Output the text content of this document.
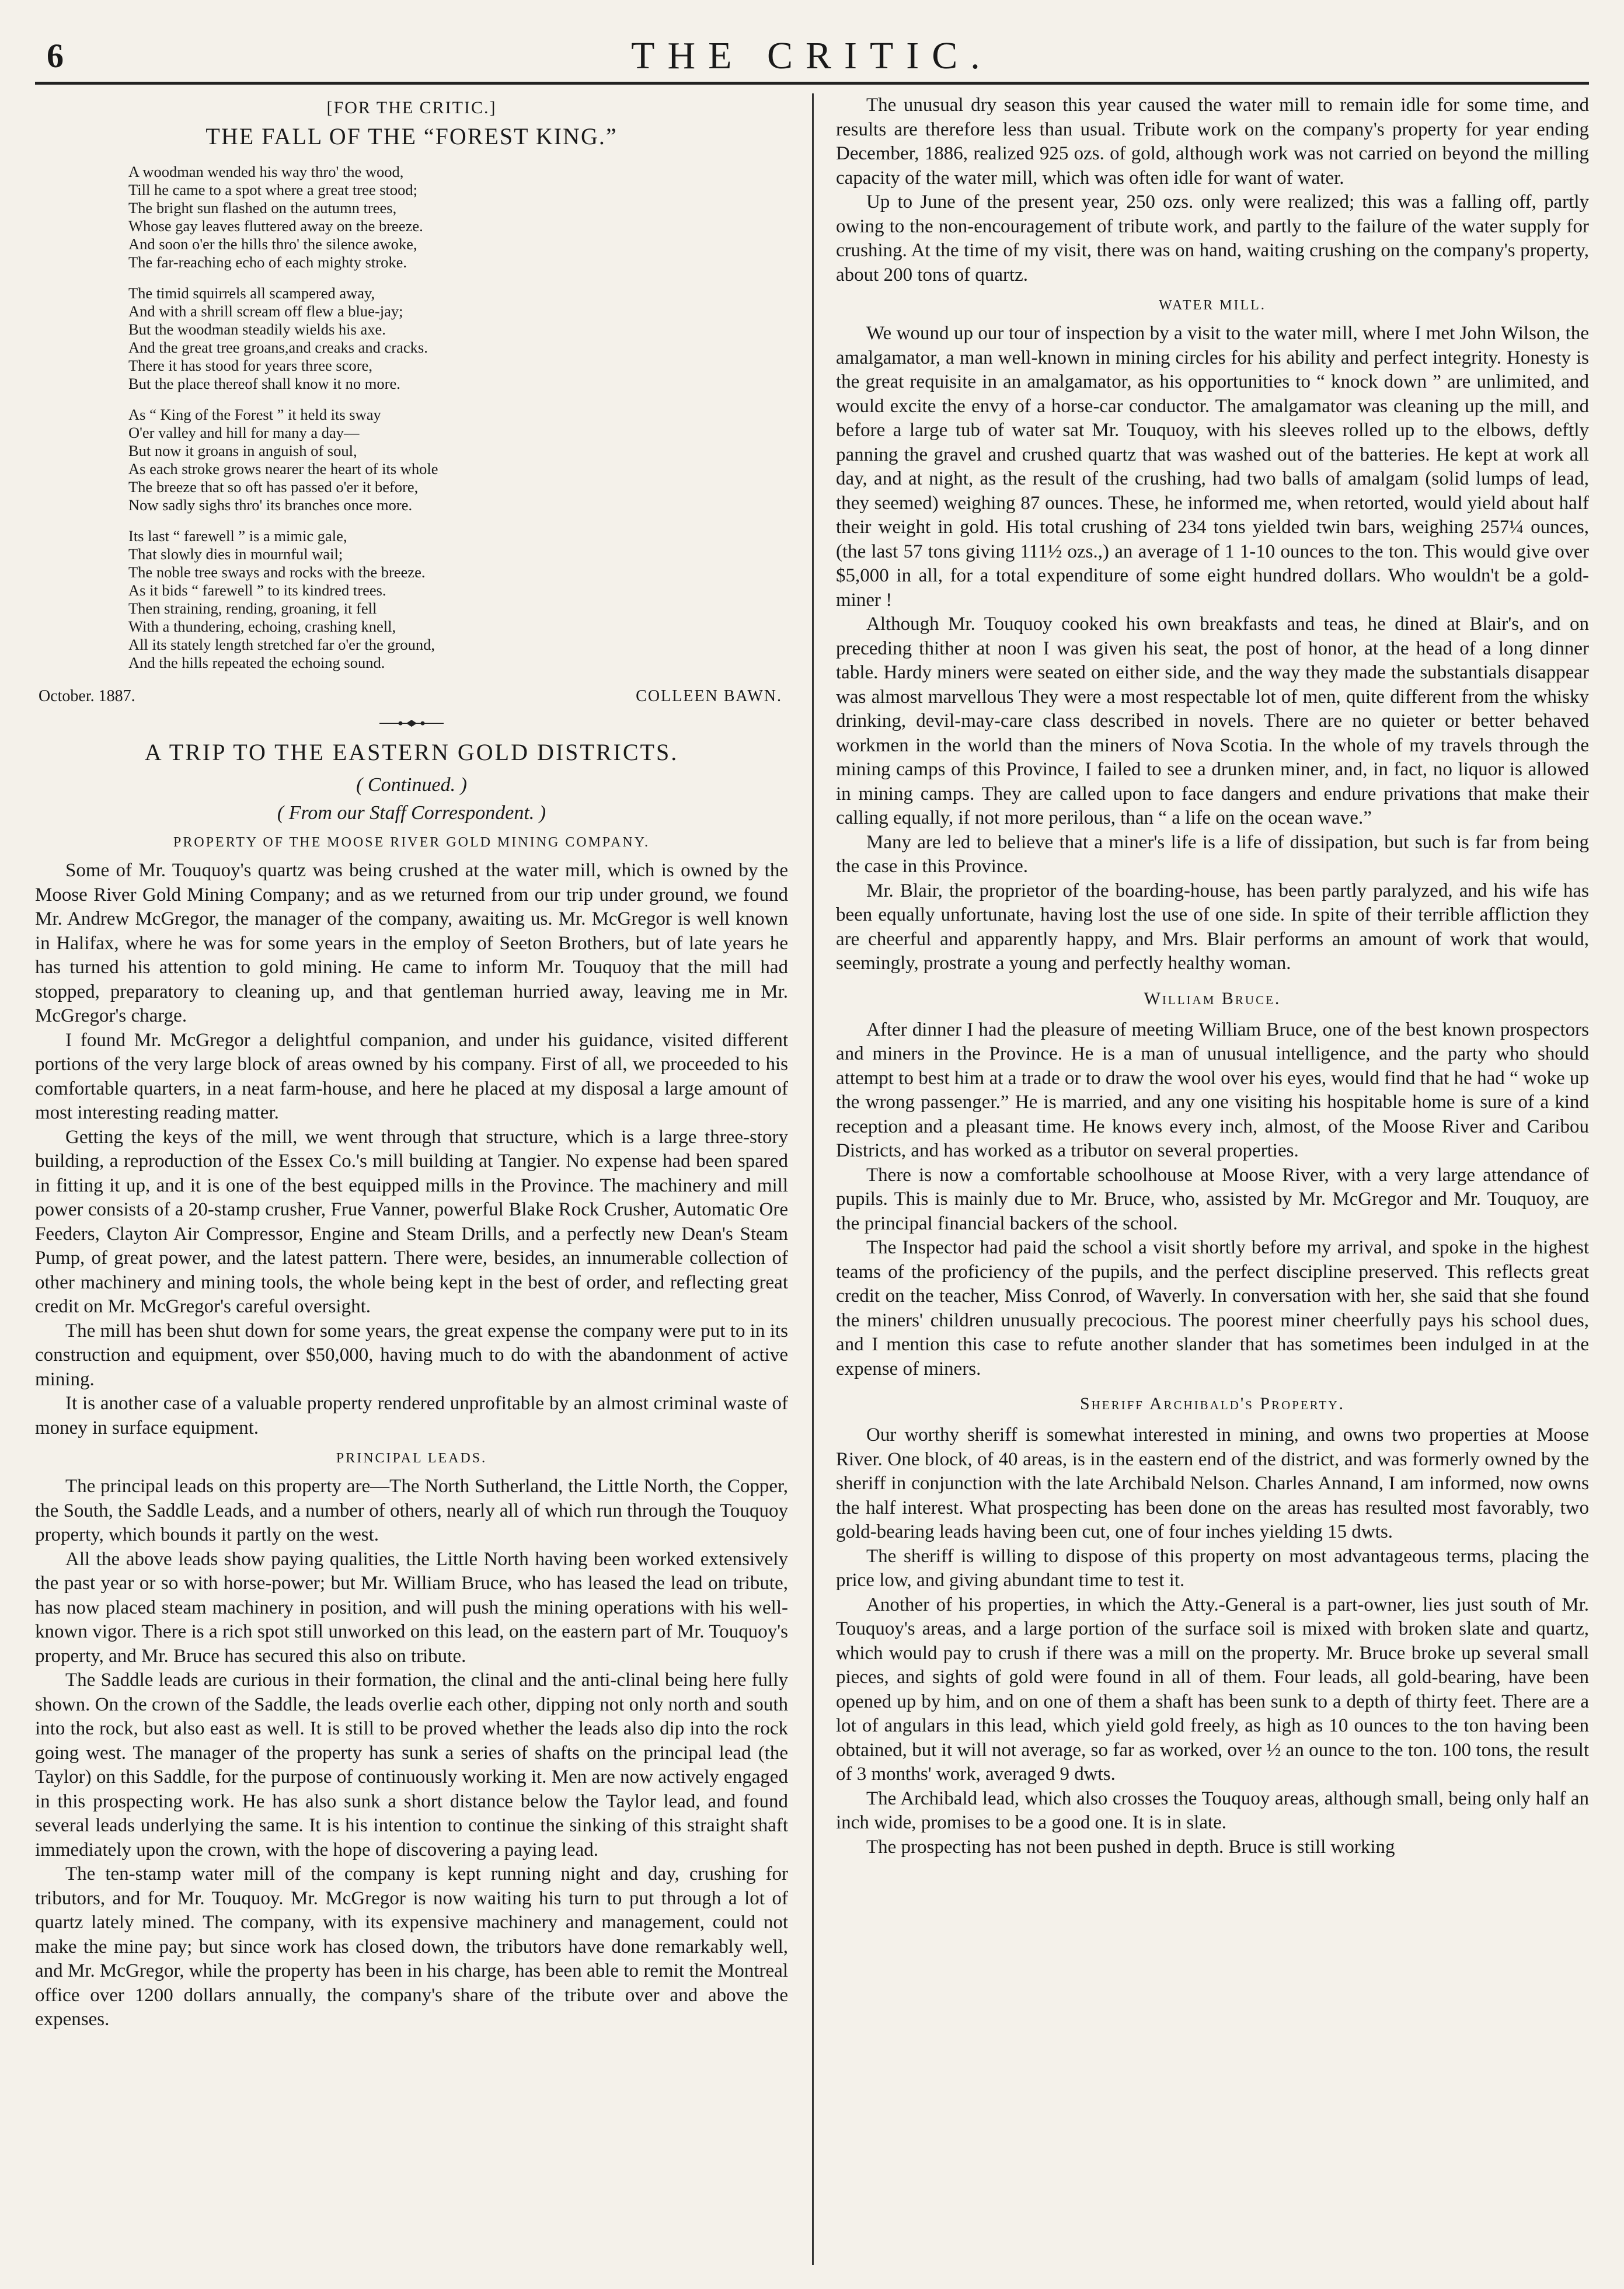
6	THE CRITIC.
[FOR THE CRITIC.]
THE FALL OF THE “FOREST KING.”
A woodman wended his way thro' the wood,
Till he came to a spot where a great tree stood;
The bright sun flashed on the autumn trees,
Whose gay leaves fluttered away on the breeze.
And soon o'er the hills thro' the silence awoke,
The far-reaching echo of each mighty stroke.
The timid squirrels all scampered away,
And with a shrill scream off flew a blue-jay;
But the woodman steadily wields his axe.
And the great tree groans,and creaks and cracks.
There it has stood for years three score,
But the place thereof shall know it no more.
As “ King of the Forest ” it held its sway
O'er valley and hill for many a day—
But now it groans in anguish of soul,
As each stroke grows nearer the heart of its whole
The breeze that so oft has passed o'er it before,
Now sadly sighs thro' its branches once more.
Its last “ farewell ” is a mimic gale,
That slowly dies in mournful wail;
The noble tree sways and rocks with the breeze.
As it bids “ farewell ” to its kindred trees.
Then straining, rending, groaning, it fell
With a thundering, echoing, crashing knell,
All its stately length stretched far o'er the ground,
And the hills repeated the echoing sound.
October. 1887.	COLLEEN BAWN.
A TRIP TO THE EASTERN GOLD DISTRICTS.
( Continued. )
( From our Staff Correspondent. )
PROPERTY OF THE MOOSE RIVER GOLD MINING COMPANY.

Some of Mr. Touquoy's quartz was being crushed at the water mill, which is owned by the Moose River Gold Mining Company; and as we returned from our trip under ground, we found Mr. Andrew McGregor, the manager of the company, awaiting us. Mr. McGregor is well known in Halifax, where he was for some years in the employ of Seeton Brothers, but of late years he has turned his attention to gold mining. He came to inform Mr. Touquoy that the mill had stopped, preparatory to cleaning up, and that gentleman hurried away, leaving me in Mr. McGregor's charge.

I found Mr. McGregor a delightful companion, and under his guidance, visited different portions of the very large block of areas owned by his company. First of all, we proceeded to his comfortable quarters, in a neat farm-house, and here he placed at my disposal a large amount of most interesting reading matter.

Getting the keys of the mill, we went through that structure, which is a large three-story building, a reproduction of the Essex Co.'s mill building at Tangier. No expense had been spared in fitting it up, and it is one of the best equipped mills in the Province. The machinery and mill power consists of a 20-stamp crusher, Frue Vanner, powerful Blake Rock Crusher, Automatic Ore Feeders, Clayton Air Compressor, Engine and Steam Drills, and a perfectly new Dean's Steam Pump, of great power, and the latest pattern. There were, besides, an innumerable collection of other machinery and mining tools, the whole being kept in the best of order, and reflecting great credit on Mr. McGregor's careful oversight.

The mill has been shut down for some years, the great expense the company were put to in its construction and equipment, over $50,000, having much to do with the abandonment of active mining.

It is another case of a valuable property rendered unprofitable by an almost criminal waste of money in surface equipment.

PRINCIPAL LEADS.

The principal leads on this property are—The North Sutherland, the Little North, the Copper, the South, the Saddle Leads, and a number of others, nearly all of which run through the Touquoy property, which bounds it partly on the west.

All the above leads show paying qualities, the Little North having been worked extensively the past year or so with horse-power; but Mr. William Bruce, who has leased the lead on tribute, has now placed steam machinery in position, and will push the mining operations with his well-known vigor. There is a rich spot still unworked on this lead, on the eastern part of Mr. Touquoy's property, and Mr. Bruce has secured this also on tribute.

The Saddle leads are curious in their formation, the clinal and the anti-clinal being here fully shown. On the crown of the Saddle, the leads overlie each other, dipping not only north and south into the rock, but also east as well. It is still to be proved whether the leads also dip into the rock going west. The manager of the property has sunk a series of shafts on the principal lead (the Taylor) on this Saddle, for the purpose of continuously working it. Men are now actively engaged in this prospecting work. He has also sunk a short distance below the Taylor lead, and found several leads underlying the same. It is his intention to continue the sinking of this straight shaft immediately upon the crown, with the hope of discovering a paying lead.

The ten-stamp water mill of the company is kept running night and day, crushing for tributors, and for Mr. Touquoy. Mr. McGregor is now waiting his turn to put through a lot of quartz lately mined. The company, with its expensive machinery and management, could not make the mine pay; but since work has closed down, the tributors have done remarkably well, and Mr. McGregor, while the property has been in his charge, has been able to remit the Montreal office over 1200 dollars annually, the company's share of the tribute over and above the expenses.

The unusual dry season this year caused the water mill to remain idle for some time, and results are therefore less than usual. Tribute work on the company's property for year ending December, 1886, realized 925 ozs. of gold, although work was not carried on beyond the milling capacity of the water mill, which was often idle for want of water.

Up to June of the present year, 250 ozs. only were realized; this was a falling off, partly owing to the non-encouragement of tribute work, and partly to the failure of the water supply for crushing. At the time of my visit, there was on hand, waiting crushing on the company's property, about 200 tons of quartz.

WATER MILL.

We wound up our tour of inspection by a visit to the water mill, where I met John Wilson, the amalgamator, a man well-known in mining circles for his ability and perfect integrity. Honesty is the great requisite in an amalgamator, as his opportunities to “ knock down ” are unlimited, and would excite the envy of a horse-car conductor. The amalgamator was cleaning up the mill, and before a large tub of water sat Mr. Touquoy, with his sleeves rolled up to the elbows, deftly panning the gravel and crushed quartz that was washed out of the batteries. He kept at work all day, and at night, as the result of the crushing, had two balls of amalgam (solid lumps of lead, they seemed) weighing 87 ounces. These, he informed me, when retorted, would yield about half their weight in gold. His total crushing of 234 tons yielded twin bars, weighing 257¼ ounces, (the last 57 tons giving 111½ ozs.,) an average of 1 1-10 ounces to the ton. This would give over $5,000 in all, for a total expenditure of some eight hundred dollars. Who wouldn't be a gold-miner !

Although Mr. Touquoy cooked his own breakfasts and teas, he dined at Blair's, and on preceding thither at noon I was given his seat, the post of honor, at the head of a long dinner table. Hardy miners were seated on either side, and the way they made the substantials disappear was almost marvellous They were a most respectable lot of men, quite different from the whisky drinking, devil-may-care class described in novels. There are no quieter or better behaved workmen in the world than the miners of Nova Scotia. In the whole of my travels through the mining camps of this Province, I failed to see a drunken miner, and, in fact, no liquor is allowed in mining camps. They are called upon to face dangers and endure privations that make their calling equally, if not more perilous, than “ a life on the ocean wave.”

Many are led to believe that a miner's life is a life of dissipation, but such is far from being the case in this Province.

Mr. Blair, the proprietor of the boarding-house, has been partly paralyzed, and his wife has been equally unfortunate, having lost the use of one side. In spite of their terrible affliction they are cheerful and apparently happy, and Mrs. Blair performs an amount of work that would, seemingly, prostrate a young and perfectly healthy woman.

William Bruce.

After dinner I had the pleasure of meeting William Bruce, one of the best known prospectors and miners in the Province. He is a man of unusual intelligence, and the party who should attempt to best him at a trade or to draw the wool over his eyes, would find that he had “ woke up the wrong passenger.” He is married, and any one visiting his hospitable home is sure of a kind reception and a pleasant time. He knows every inch, almost, of the Moose River and Caribou Districts, and has worked as a tributor on several properties.

There is now a comfortable schoolhouse at Moose River, with a very large attendance of pupils. This is mainly due to Mr. Bruce, who, assisted by Mr. McGregor and Mr. Touquoy, are the principal financial backers of the school.

The Inspector had paid the school a visit shortly before my arrival, and spoke in the highest teams of the proficiency of the pupils, and the perfect discipline preserved. This reflects great credit on the teacher, Miss Conrod, of Waverly. In conversation with her, she said that she found the miners' children unusually precocious. The poorest miner cheerfully pays his school dues, and I mention this case to refute another slander that has sometimes been indulged in at the expense of miners.

Sheriff Archibald's Property.

Our worthy sheriff is somewhat interested in mining, and owns two properties at Moose River. One block, of 40 areas, is in the eastern end of the district, and was formerly owned by the sheriff in conjunction with the late Archibald Nelson. Charles Annand, I am informed, now owns the half interest. What prospecting has been done on the areas has resulted most favorably, two gold-bearing leads having been cut, one of four inches yielding 15 dwts.

The sheriff is willing to dispose of this property on most advantageous terms, placing the price low, and giving abundant time to test it.

Another of his properties, in which the Atty.-General is a part-owner, lies just south of Mr. Touquoy's areas, and a large portion of the surface soil is mixed with broken slate and quartz, which would pay to crush if there was a mill on the property. Mr. Bruce broke up several small pieces, and sights of gold were found in all of them. Four leads, all gold-bearing, have been opened up by him, and on one of them a shaft has been sunk to a depth of thirty feet. There are a lot of angulars in this lead, which yield gold freely, as high as 10 ounces to the ton having been obtained, but it will not average, so far as worked, over ½ an ounce to the ton. 100 tons, the result of 3 months' work, averaged 9 dwts.

The Archibald lead, which also crosses the Touquoy areas, although small, being only half an inch wide, promises to be a good one. It is in slate.

The prospecting has not been pushed in depth. Bruce is still working
